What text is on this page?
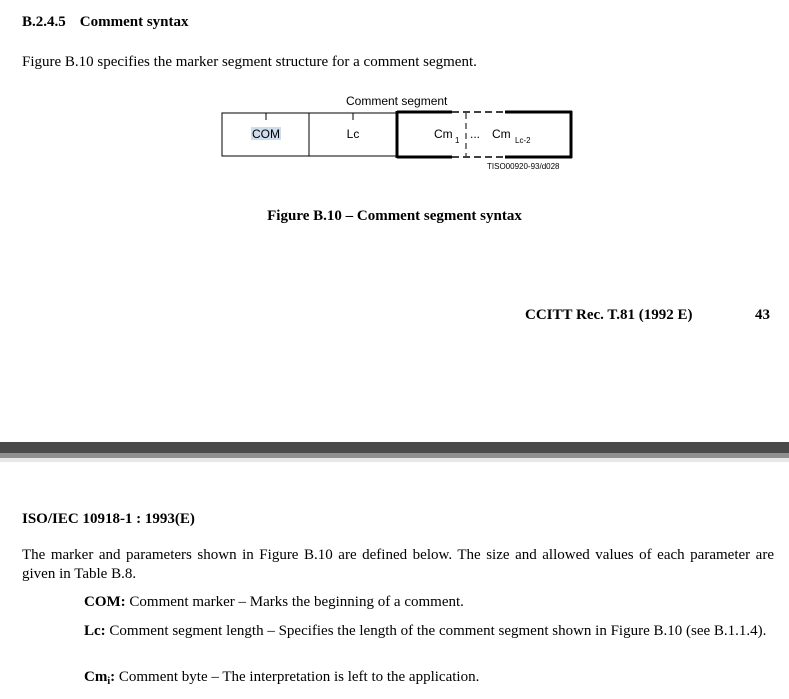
B.2.4.5 Comment syntax
Figure B.10 specifies the marker segment structure for a comment segment.
Comment segment
COM	Lc	Cm 1 ... Cm Lc-2
TISO00920-93/d028
Figure B.10 – Comment segment syntax
CCITT Rec. T.81 (1992 E)	43
ISO/IEC 10918-1 : 1993(E)
The marker and parameters shown in Figure B.10 are defined below. The size and allowed values of each parameter are given in Table B.8.
COM: Comment marker – Marks the beginning of a comment.
Lc: Comment segment length – Specifies the length of the comment segment shown in Figure B.10 (see B.1.1.4).
$Cm_i$: Comment byte – The interpretation is left to the application.
